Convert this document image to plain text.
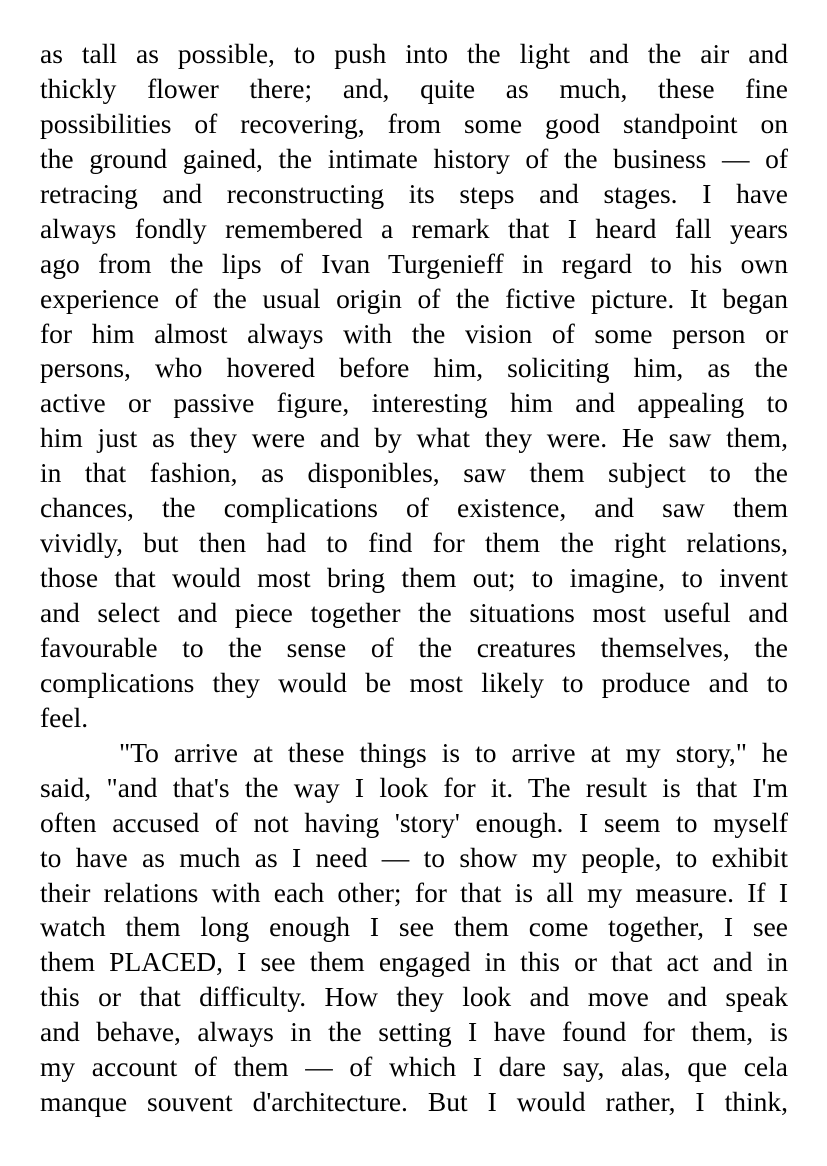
as tall as possible, to push into the light and the air and
thickly flower there; and, quite as much, these fine
possibilities of recovering, from some good standpoint on
the ground gained, the intimate history of the business — of
retracing and reconstructing its steps and stages. I have
always fondly remembered a remark that I heard fall years
ago from the lips of Ivan Turgenieff in regard to his own
experience of the usual origin of the fictive picture. It began
for him almost always with the vision of some person or
persons, who hovered before him, soliciting him, as the
active or passive figure, interesting him and appealing to
him just as they were and by what they were. He saw them,
in that fashion, as disponibles, saw them subject to the
chances, the complications of existence, and saw them
vividly, but then had to find for them the right relations,
those that would most bring them out; to imagine, to invent
and select and piece together the situations most useful and
favourable to the sense of the creatures themselves, the
complications they would be most likely to produce and to
feel.
"To arrive at these things is to arrive at my story," he
said, "and that's the way I look for it. The result is that I'm
often accused of not having 'story' enough. I seem to myself
to have as much as I need — to show my people, to exhibit
their relations with each other; for that is all my measure. If I
watch them long enough I see them come together, I see
them PLACED, I see them engaged in this or that act and in
this or that difficulty. How they look and move and speak
and behave, always in the setting I have found for them, is
my account of them — of which I dare say, alas, que cela
manque souvent d'architecture. But I would rather, I think,
